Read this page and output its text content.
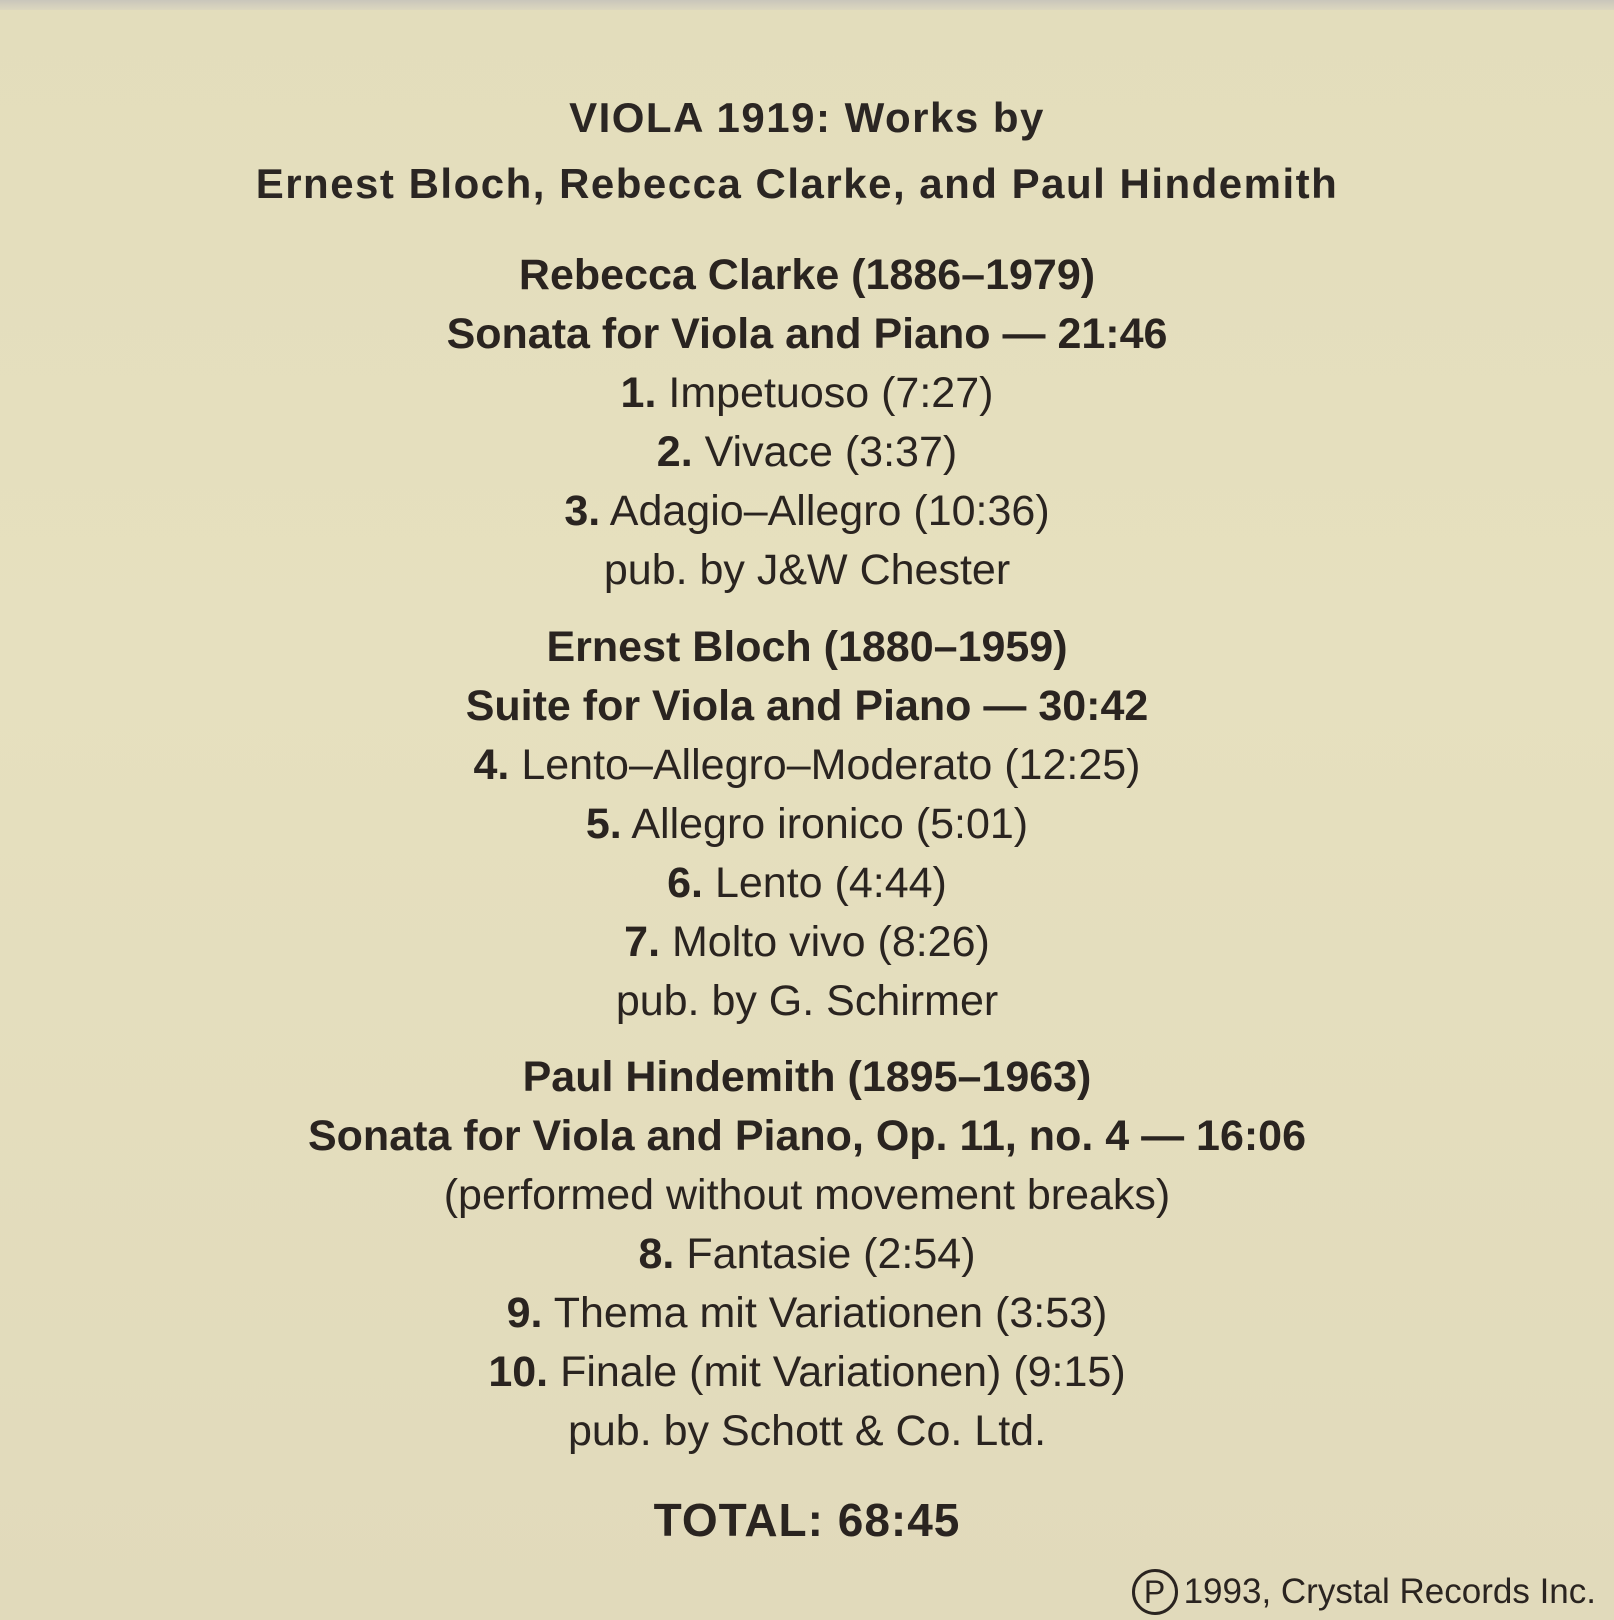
VIOLA 1919: Works by
Ernest Bloch, Rebecca Clarke, and Paul Hindemith
Rebecca Clarke (1886–1979)
Sonata for Viola and Piano — 21:46
1. Impetuoso (7:27)
2. Vivace (3:37)
3. Adagio–Allegro (10:36)
pub. by J&W Chester
Ernest Bloch (1880–1959)
Suite for Viola and Piano — 30:42
4. Lento–Allegro–Moderato (12:25)
5. Allegro ironico (5:01)
6. Lento (4:44)
7. Molto vivo (8:26)
pub. by G. Schirmer
Paul Hindemith (1895–1963)
Sonata for Viola and Piano, Op. 11, no. 4 — 16:06
(performed without movement breaks)
8. Fantasie (2:54)
9. Thema mit Variationen (3:53)
10. Finale (mit Variationen) (9:15)
pub. by Schott & Co. Ltd.
TOTAL: 68:45
P 1993, Crystal Records Inc.
